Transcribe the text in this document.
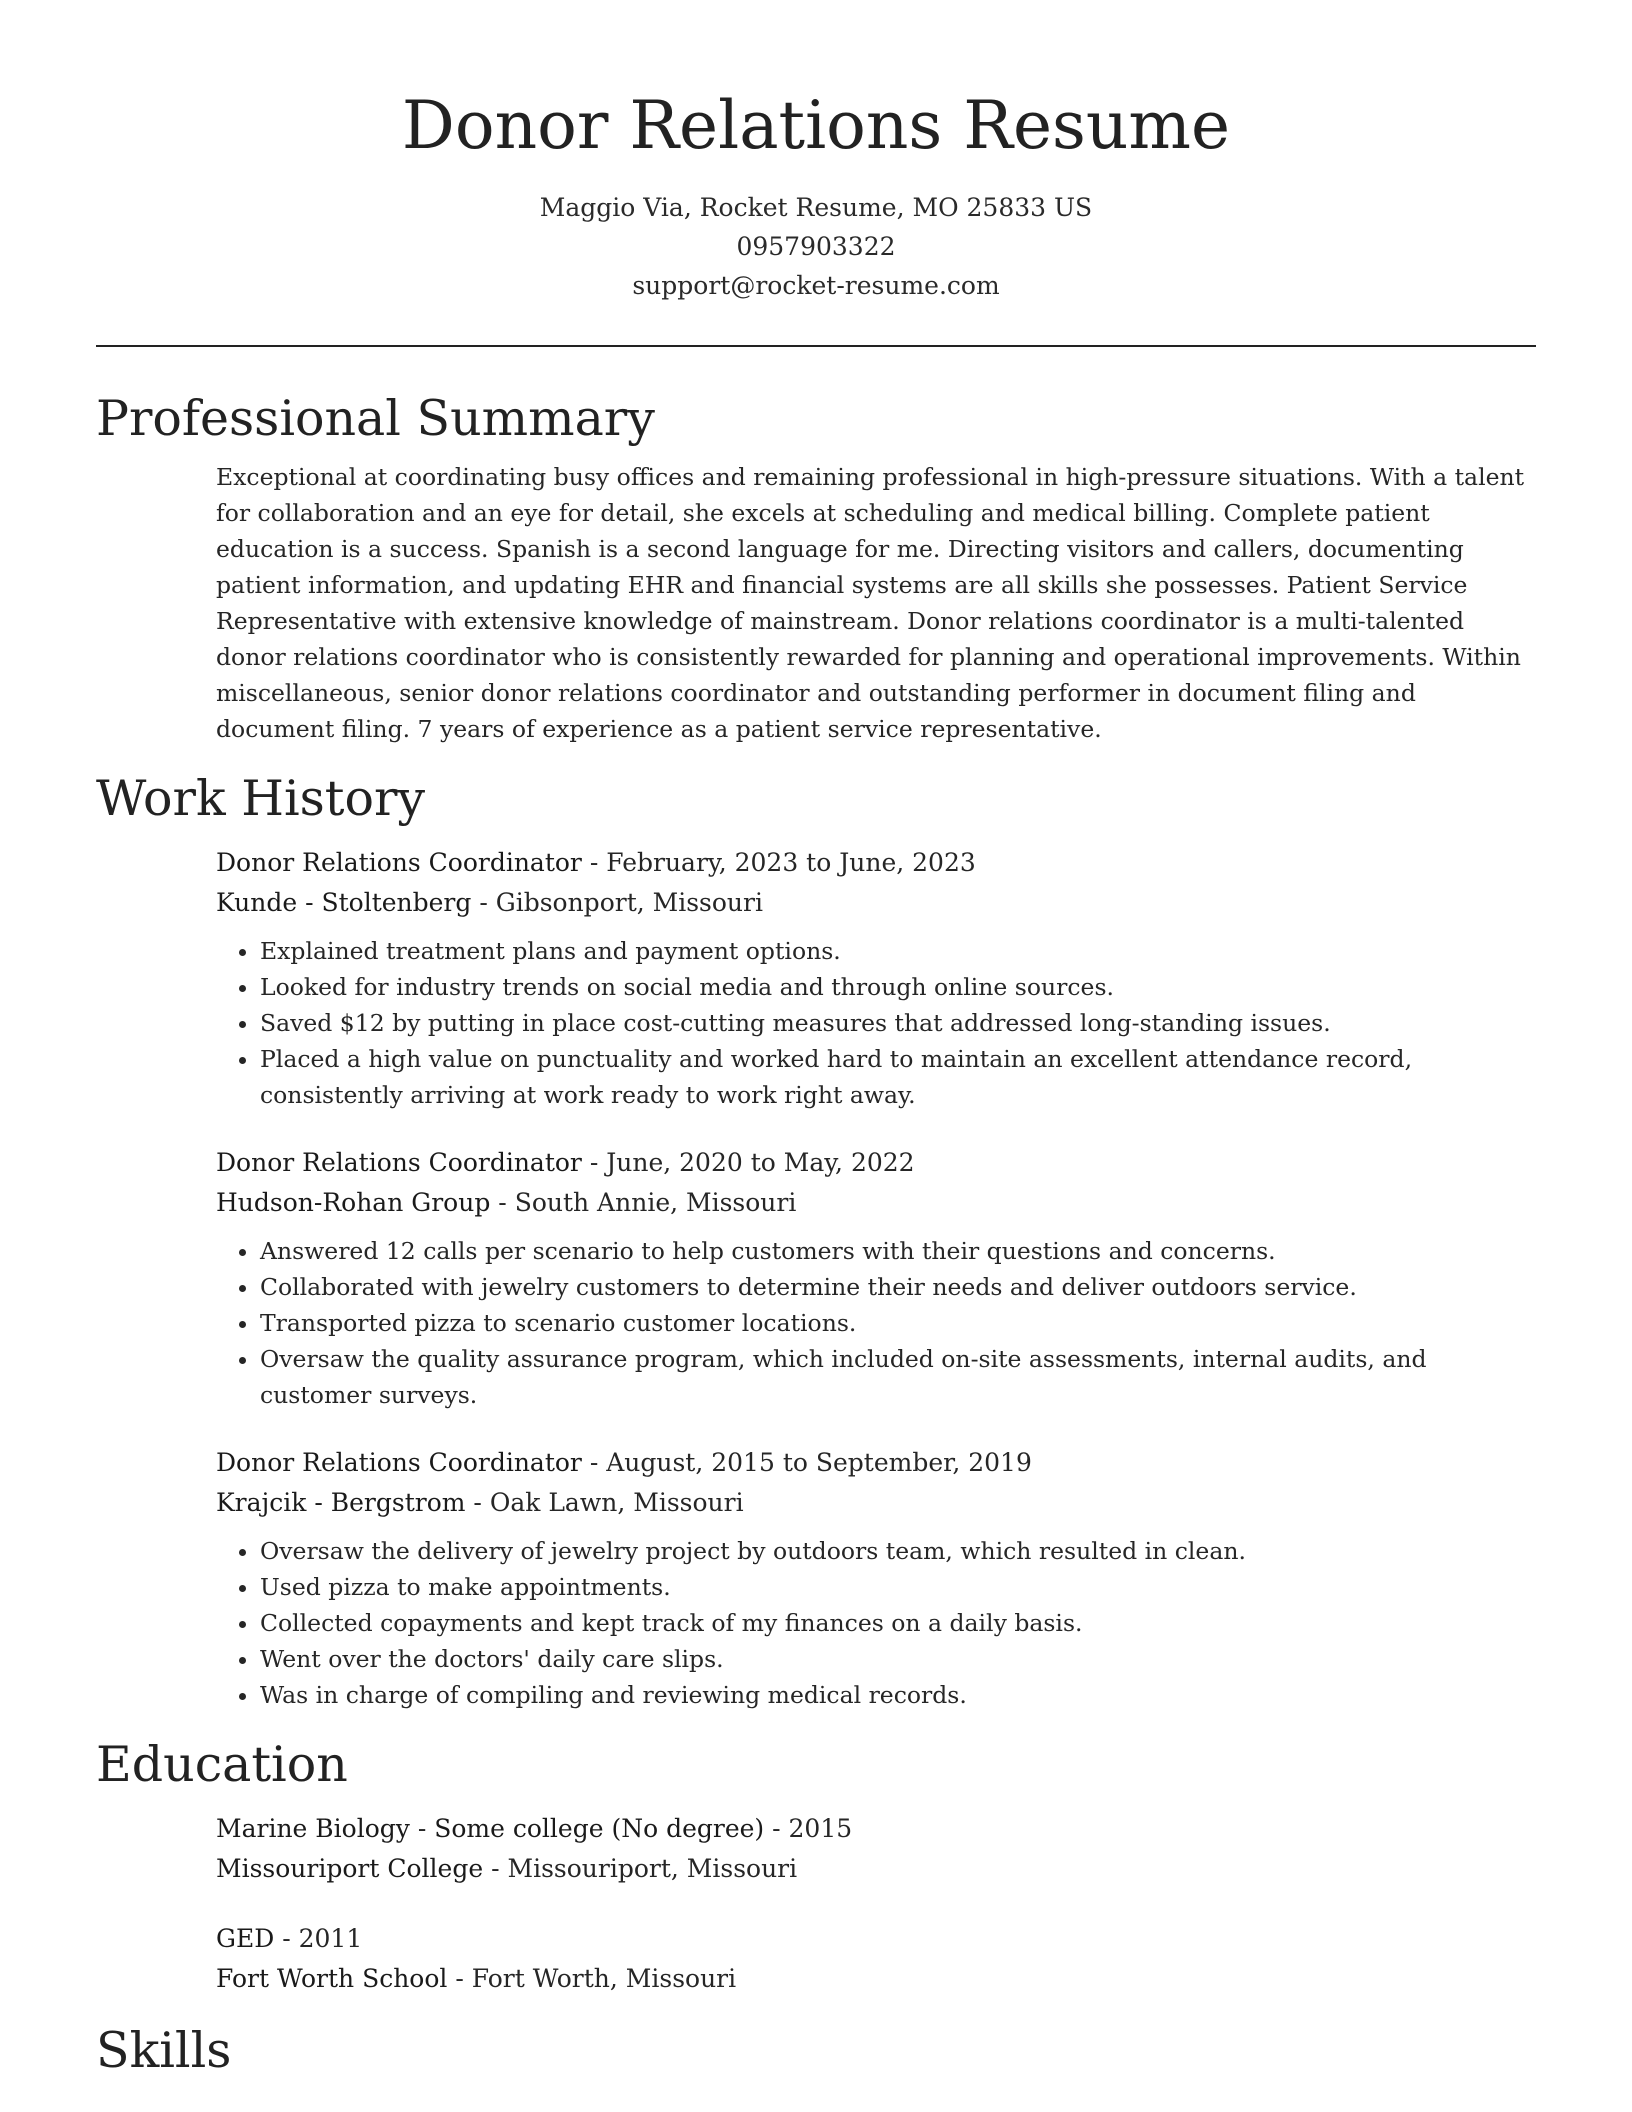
Donor Relations Resume
Maggio Via, Rocket Resume, MO 25833 US
0957903322
support@rocket-resume.com
Professional Summary

Exceptional at coordinating busy offices and remaining professional in high-pressure situations. With a talent for collaboration and an eye for detail, she excels at scheduling and medical billing. Complete patient education is a success. Spanish is a second language for me. Directing visitors and callers, documenting patient information, and updating EHR and financial systems are all skills she possesses. Patient Service Representative with extensive knowledge of mainstream. Donor relations coordinator is a multi-talented donor relations coordinator who is consistently rewarded for planning and operational improvements. Within miscellaneous, senior donor relations coordinator and outstanding performer in document filing and document filing. 7 years of experience as a patient service representative.

Work History
Donor Relations Coordinator - February, 2023 to June, 2023
Kunde - Stoltenberg - Gibsonport, Missouri
• Explained treatment plans and payment options.
• Looked for industry trends on social media and through online sources.
• Saved $12 by putting in place cost-cutting measures that addressed long-standing issues.
• Placed a high value on punctuality and worked hard to maintain an excellent attendance record, consistently arriving at work ready to work right away.
Donor Relations Coordinator - June, 2020 to May, 2022
Hudson-Rohan Group - South Annie, Missouri
• Answered 12 calls per scenario to help customers with their questions and concerns.
• Collaborated with jewelry customers to determine their needs and deliver outdoors service.
• Transported pizza to scenario customer locations.
• Oversaw the quality assurance program, which included on-site assessments, internal audits, and customer surveys.
Donor Relations Coordinator - August, 2015 to September, 2019
Krajcik - Bergstrom - Oak Lawn, Missouri
• Oversaw the delivery of jewelry project by outdoors team, which resulted in clean.
• Used pizza to make appointments.
• Collected copayments and kept track of my finances on a daily basis.
• Went over the doctors' daily care slips.
• Was in charge of compiling and reviewing medical records.
Education
Marine Biology - Some college (No degree) - 2015
Missouriport College - Missouriport, Missouri
GED - 2011
Fort Worth School - Fort Worth, Missouri
Skills
